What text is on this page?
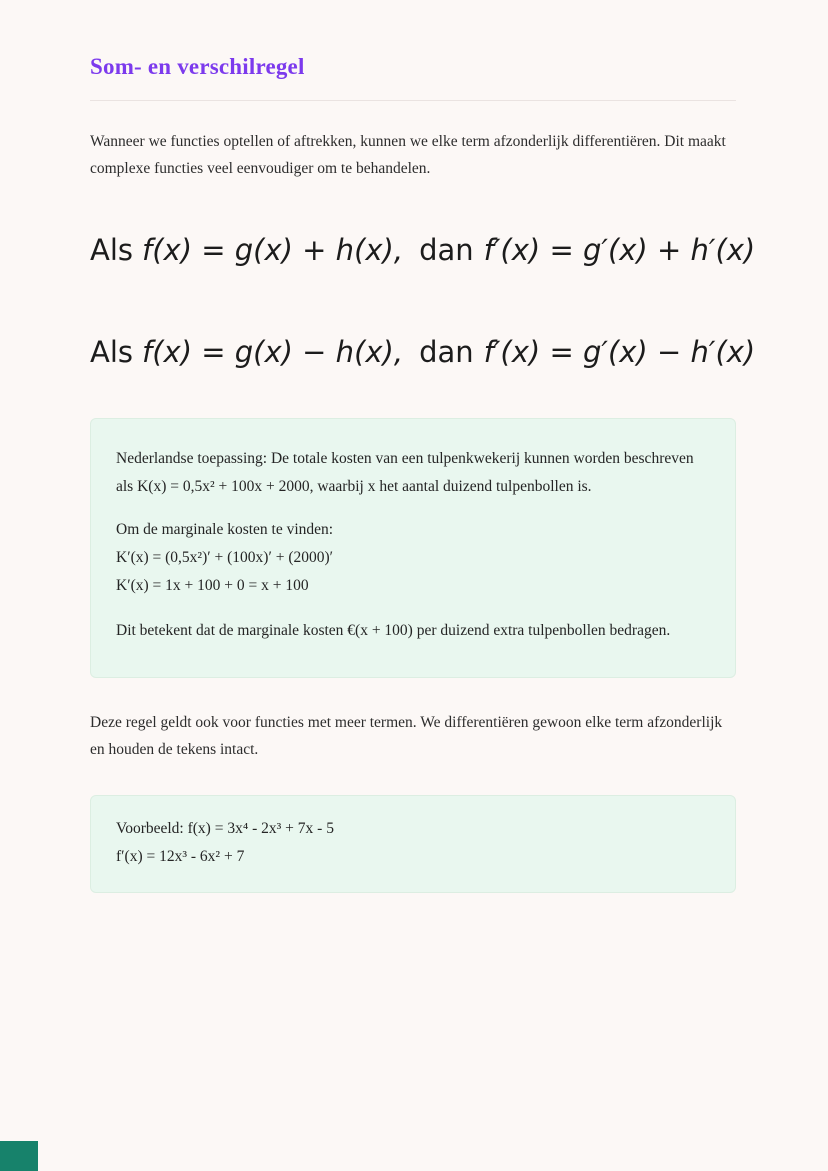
Som- en verschilregel

Wanneer we functies optellen of aftrekken, kunnen we elke term afzonderlijk differentiëren. Dit maakt complexe functies veel eenvoudiger om te behandelen.

Als f(x) = g(x) + h(x), dan f′(x) = g′(x) + h′(x)
Als f(x) = g(x) − h(x), dan f′(x) = g′(x) − h′(x)

Nederlandse toepassing: De totale kosten van een tulpenkwekerij kunnen worden beschreven als K(x) = 0,5x² + 100x + 2000, waarbij x het aantal duizend tulpenbollen is.

Om de marginale kosten te vinden:
K′(x) = (0,5x²)′ + (100x)′ + (2000)′
K′(x) = 1x + 100 + 0 = x + 100

Dit betekent dat de marginale kosten €(x + 100) per duizend extra tulpenbollen bedragen.

Deze regel geldt ook voor functies met meer termen. We differentiëren gewoon elke term afzonderlijk en houden de tekens intact.

Voorbeeld: f(x) = 3x⁴ - 2x³ + 7x - 5
f′(x) = 12x³ - 6x² + 7
